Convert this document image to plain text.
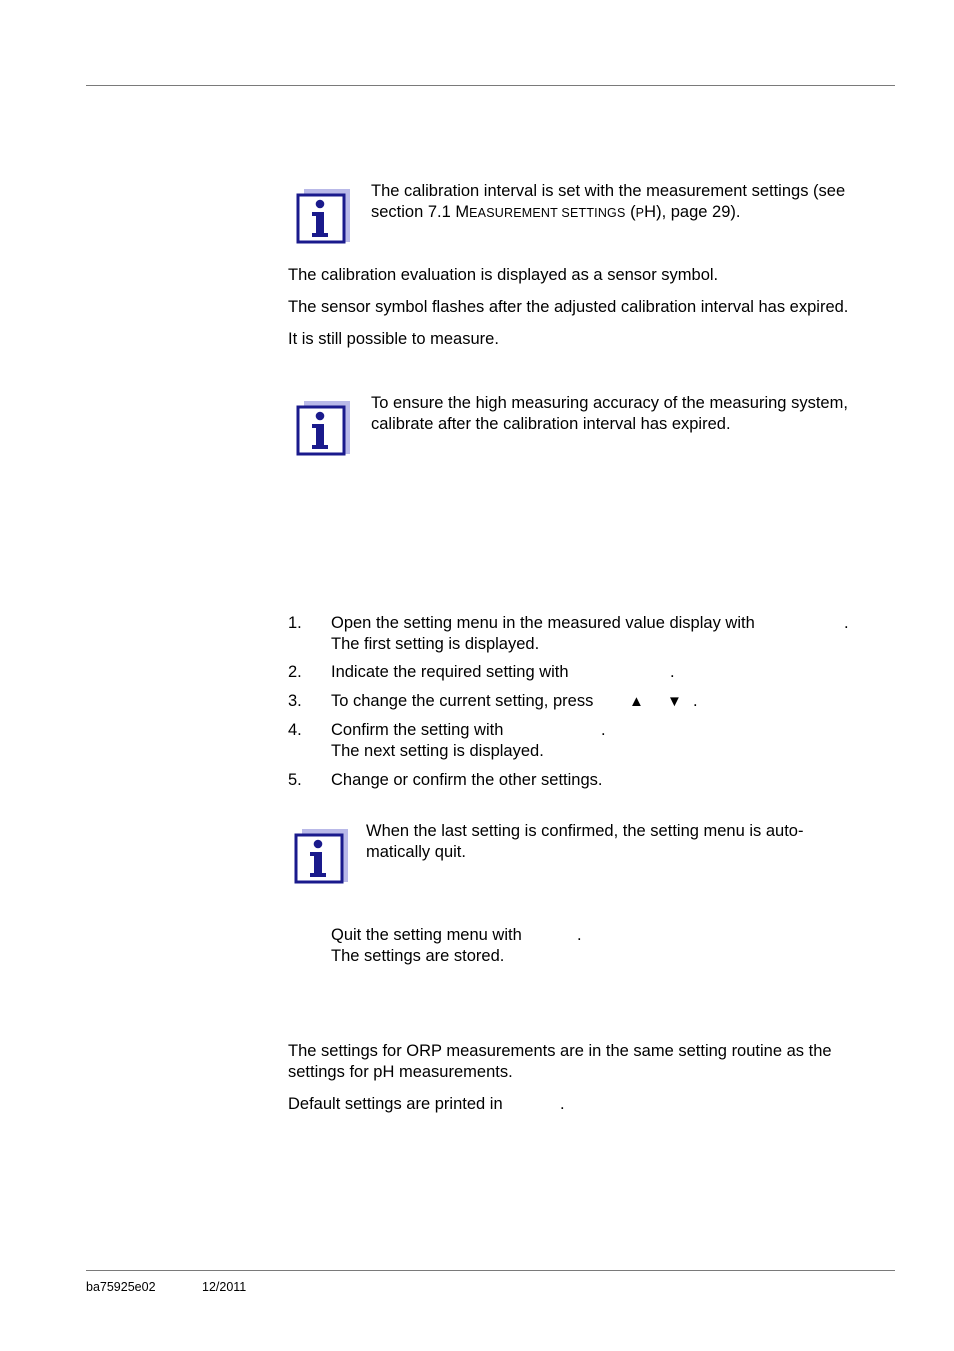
The calibration interval is set with the measurement settings (see
section 7.1 MEASUREMENT SETTINGS (PH), page 29).
The calibration evaluation is displayed as a sensor symbol.
The sensor symbol flashes after the adjusted calibration interval has expired.
It is still possible to measure.
To ensure the high measuring accuracy of the measuring system,
calibrate after the calibration interval has expired.
1. Open the setting menu in the measured value display with	.
The first setting is displayed.
2. Indicate the required setting with	.
3. To change the current setting, press ▲ ▼ .
4. Confirm the setting with	.
The next setting is displayed.
5. Change or confirm the other settings.
When the last setting is confirmed, the setting menu is auto-
matically quit.
Quit the setting menu with	.
The settings are stored.
The settings for ORP measurements are in the same setting routine as the
settings for pH measurements.
Default settings are printed in	.
ba75925e02	12/2011
